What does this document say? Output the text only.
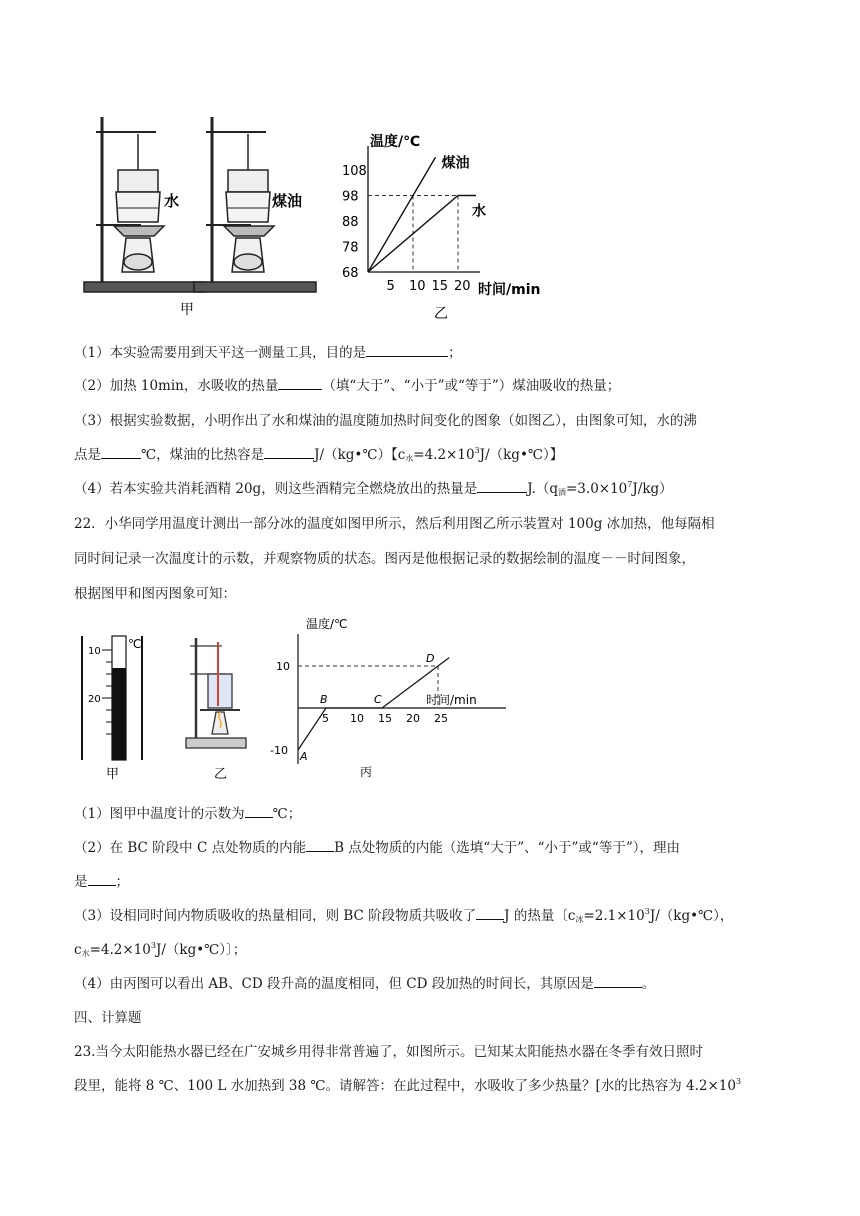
水	煤油
甲
温度/℃
时间/min
乙
68
78
88
98
108
5 10 15 20
煤油
水
（1）本实验需要用到天平这一测量工具，目的是	；
（2）加热 10min，水吸收的热量	（填“大于”、“小于”或“等于”）煤油吸收的热量；
（3）根据实验数据，小明作出了水和煤油的温度随加热时间变化的图象（如图乙），由图象可知，水的沸
点是	℃，煤油的比热容是	J/（kg•℃）【$c_水=4.2\times 10^3J/(kg•℃)$】
（4）若本实验共消耗酒精 20g，则这些酒精完全燃烧放出的热量是	$J.(q_酒=3.0\times 10^7J/kg)$
22．小华同学用温度计测出一部分冰的温度如图甲所示，然后利用图乙所示装置对 100g 冰加热，他每隔相
同时间记录一次温度计的示数，并观察物质的状态。图丙是他根据记录的数据绘制的温度－－时间图象，
根据图甲和图丙图象可知：
℃
10
20
甲	乙
温度/℃
时间/min
丙
10
-10
5 10 15 20 25
A
B	C
D
（1）图甲中温度计的示数为 ℃；
（2）在 BC 阶段中 C 点处物质的内能 B 点处物质的内能（选填“大于”、“小于”或“等于”），理由
是 ；
（3）设相同时间内物质吸收的热量相同，则 BC 阶段物质共吸收了 J 的热量〔$c_冰=2.1\times 10^3J/(kg•℃)$，
$c_水=4.2\times 10^3J/(kg•℃)$〕；
（4）由丙图可以看出 AB、CD 段升高的温度相同，但 CD 段加热的时间长，其原因是	。
四、计算题
23.当今太阳能热水器已经在广安城乡用得非常普遍了，如图所示。已知某太阳能热水器在冬季有效日照时
段里，能将 8 ℃、100 L 水加热到 38 ℃。请解答：在此过程中，水吸收了多少热量？[水的比热容为 $4.2\times 10^3$
